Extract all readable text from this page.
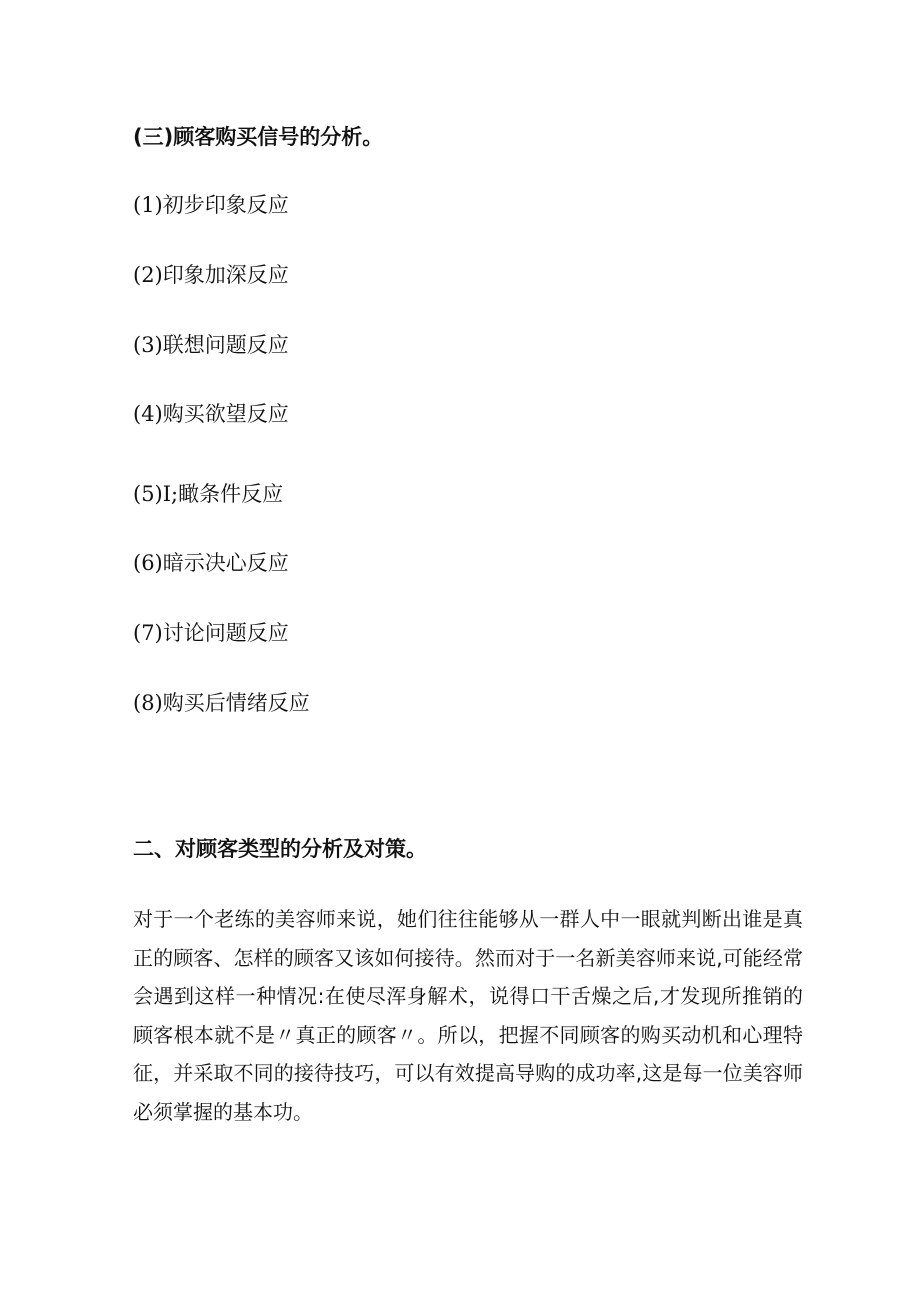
(三)顾客购买信号的分析。
(1)初步印象反应
(2)印象加深反应
(3)联想问题反应
(4)购买欲望反应
(5)I;瞰条件反应
(6)暗示决心反应
(7)讨论问题反应
(8)购买后情绪反应
二、对顾客类型的分析及对策。

对于一个老练的美容师来说，她们往往能够从一群人中一眼就判断出谁是真正的顾客、怎样的顾客又该如何接待。然而对于一名新美容师来说,可能经常会遇到这样一种情况:在使尽浑身解术，说得口干舌燥之后,才发现所推销的顾客根本就不是〃真正的顾客〃。所以，把握不同顾客的购买动机和心理特征，并采取不同的接待技巧，可以有效提高导购的成功率,这是每一位美容师必须掌握的基本功。
